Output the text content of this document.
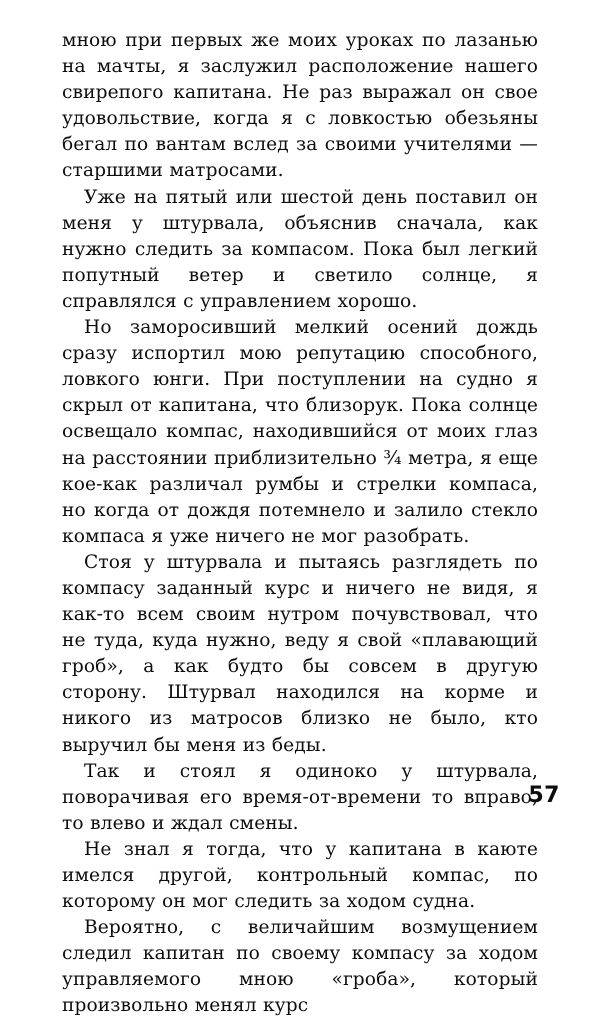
мною при первых же моих уроках по лазанью на мачты, я заслужил расположение нашего свирепого капитана. Не раз выражал он свое удовольствие, когда я с ловкостью обезьяны бегал по вантам вслед за своими учителями — старшими матросами.

Уже на пятый или шестой день поставил он меня у штурвала, объяснив сначала, как нужно следить за компасом. Пока был легкий попутный ветер и светило солнце, я справлялся с управлением хорошо.

Но заморосивший мелкий осений дождь сразу испортил мою репутацию способного, ловкого юнги. При поступлении на судно я скрыл от капитана, что близорук. Пока солнце освещало компас, находившийся от моих глаз на расстоянии приблизительно ¾ метра, я еще кое-как различал румбы и стрелки компаса, но когда от дождя потемнело и залило стекло компаса я уже ничего не мог разобрать.

Стоя у штурвала и пытаясь разглядеть по компасу заданный курс и ничего не видя, я как-то всем своим нутром почувствовал, что не туда, куда нужно, веду я свой «плавающий гроб», а как будто бы совсем в другую сторону. Штурвал находился на корме и никого из матросов близко не было, кто выручил бы меня из беды.

Так и стоял я одиноко у штурвала, поворачивая его время-от-времени то вправо, то влево и ждал смены.

Не знал я тогда, что у капитана в каюте имелся другой, контрольный компас, по которому он мог следить за ходом судна.

Вероятно, с величайшим возмущением следил капитан по своему компасу за ходом управляемого мною «гроба», который произвольно менял курс

57
